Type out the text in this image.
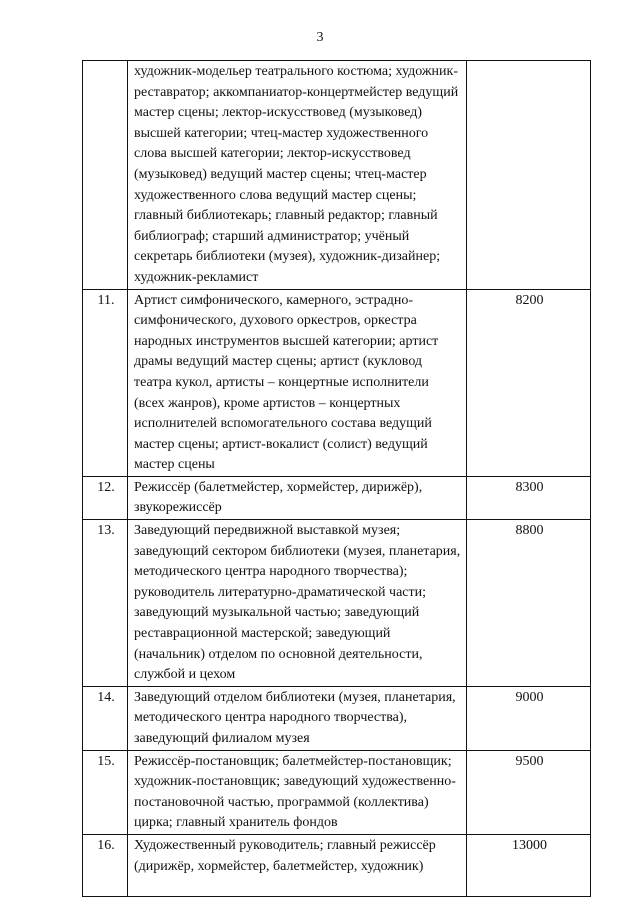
3
	художник-модельер театрального костюма; художник-реставратор; аккомпаниатор-концертмейстер ведущий мастер сцены; лектор-искусствовед (музыковед) высшей категории; чтец-мастер художественного слова высшей категории; лектор-искусствовед (музыковед) ведущий мастер сцены; чтец-мастер художественного слова ведущий мастер сцены; главный библиотекарь; главный редактор; главный библиограф; старший администратор; учёный секретарь библиотеки (музея), художник-дизайнер; художник-рекламист	
11.	Артист симфонического, камерного, эстрадно-симфонического, духового оркестров, оркестра народных инструментов высшей категории; артист драмы ведущий мастер сцены; артист (кукловод театра кукол, артисты – концертные исполнители (всех жанров), кроме артистов – концертных исполнителей вспомогательного состава ведущий мастер сцены; артист-вокалист (солист) ведущий мастер сцены	8200
12.	Режиссёр (балетмейстер, хормейстер, дирижёр), звукорежиссёр	8300
13.	Заведующий передвижной выставкой музея; заведующий сектором библиотеки (музея, планетария, методического центра народного творчества); руководитель литературно-драматической части; заведующий музыкальной частью; заведующий реставрационной мастерской; заведующий (начальник) отделом по основной деятельности, службой и цехом	8800
14.	Заведующий отделом библиотеки (музея, планетария, методического центра народного творчества), заведующий филиалом музея	9000
15.	Режиссёр-постановщик; балетмейстер-постановщик; художник-постановщик; заведующий художественно-постановочной частью, программой (коллектива) цирка; главный хранитель фондов	9500
16.	Художественный руководитель; главный режиссёр (дирижёр, хормейстер, балетмейстер, художник)	13000
